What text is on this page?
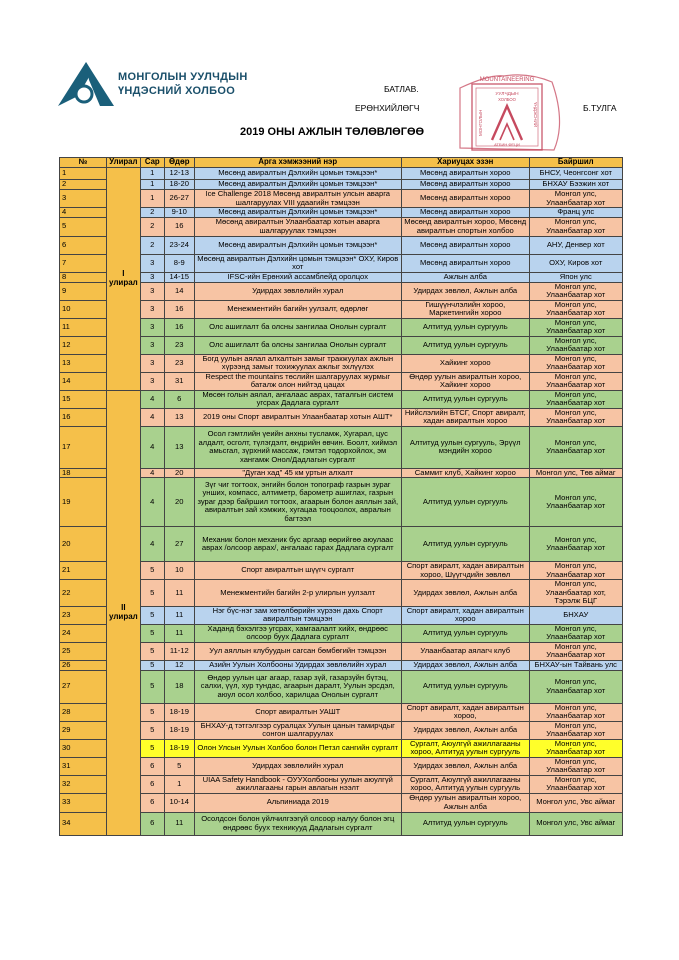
МОНГОЛЫН УУЛЧДЫН
ҮНДЭСНИЙ ХОЛБОО	БАТЛАВ.
ЕРӨНХИЙЛӨГЧ	Б.ТУЛГА
MOUNTAINEERING
УУЛЧДЫН
ХОЛБОО
МОНГОЛЫН	ҮНДЭСНИЙ
АТБИН ФЕЦИ
2019 ОНЫ АЖЛЫН ТӨЛӨВЛӨГӨӨ
№	Улирал	Сар	Өдөр	Арга хэмжээний нэр	Хариуцах эзэн	Байршил
1	I улирал	1	12-13	Мөсөнд авиралтын Дэлхийн цомын тэмцээн*	Мөсөнд авиралтын хороо	БНСУ, Чеонгсонг хот
2		1	18-20	Мөсөнд авиралтын Дэлхийн цомын тэмцээн*	Мөсөнд авиралтын хороо	БНХАУ Бээжин хот
3		1	26-27	Ice Challenge 2018 Мөсөнд авиралтын улсын аварга шалгаруулах VIII удаагийн тэмцээн	Мөсөнд авиралтын хороо	Монгол улс, Улаанбаатар хот
4		2	9-10	Мөсөнд авиралтын Дэлхийн цомын тэмцээн*	Мөсөнд авиралтын хороо	Франц улс
5		2	16	Мөсөнд авиралтын Улаанбаатар хотын аварга шалгаруулах тэмцээн	Мөсөнд авиралтын хороо, Мөсөнд авиралтын спортын холбоо	Монгол улс, Улаанбаатар хот
6		2	23-24	Мөсөнд авиралтын Дэлхийн цомын тэмцээн*	Мөсөнд авиралтын хороо	АНУ, Денвер хот
7		3	8-9	Мөсөнд авиралтын Дэлхийн цомын тэмцээн* ОХУ, Киров хот	Мөсөнд авиралтын хороо	ОХУ, Киров хот
8		3	14-15	IFSC-ийн Ерөнхий ассамблейд оролцох	Ажлын алба	Япон улс
9		3	14	Удирдах зөвлөлийн хурал	Удирдах зөвлөл, Ажлын алба	Монгол улс, Улаанбаатар хот
10		3	16	Менежментийн багийн уулзалт, өдөрлөг	Гишүүнчлэлийн хороо, Маркетингийн хороо	Монгол улс, Улаанбаатар хот
11		3	16	Олс ашиглалт ба олсны зангилаа Онолын сургалт	Алтитуд уулын сургууль	Монгол улс, Улаанбаатар хот
12		3	23	Олс ашиглалт ба олсны зангилаа Онолын сургалт	Алтитуд уулын сургууль	Монгол улс, Улаанбаатар хот
13		3	23	Богд уулын аялал алхалтын замыг тракжуулах ажлын хүрээнд замыг тохижуулах ажлыг эхлүүлэх	Хайкинг хороо	Монгол улс, Улаанбаатар хот
14		3	31	Respect the mountains төслийн шалгаруулах журмыг баталж олон нийтэд цацах	Өндөр уулын авиралтын хороо, Хайкинг хороо	Монгол улс, Улаанбаатар хот
15	II улирал	4	6	Мөсөн голын аялал, ангалаас аврах, таталгын систем угсрах Дадлага сургалт	Алтитуд уулын сургууль	Монгол улс, Улаанбаатар хот
16		4	13	2019 оны Спорт авиралтын Улаанбаатар хотын АШТ*	Нийслэлийн БТСГ, Спорт авиралт, хадан авиралтын хороо	Монгол улс, Улаанбаатар хот
17		4	13	Осол гэмтлийн үеийн анхны тусламж, Хугарал, цус алдалт, осголт, түлэгдэлт, өндрийн өвчин. Боолт, хиймэл амьсгал, зүрхний массаж, гэмтэл тодорхойлох, эм хангамж Онол/Дадлагын сургалт	Алтитуд уулын сургууль, Эрүүл мэндийн хороо	Монгол улс, Улаанбаатар хот
18		4	20	"Дуган хад" 45 км уртын алхалт	Саммит клуб, Хайкинг хороо	Монгол улс, Төв аймаг
19		4	20	Зүг чиг тогтоох, энгийн болон топограф газрын зураг унших, компасс, алтиметр, барометр ашиглах, газрын зураг дээр байршил тогтоох, агаарын болон аяллын зай, авиралтын зай хэмжих, хугацаа тооцоолох, авралын багтээл	Алтитуд уулын сургууль	Монгол улс, Улаанбаатар хот
20		4	27	Механик болон механик бус аргаар өөрийгөө аюулаас аврах /олсоор аврах/, ангалаас гарах Дадлага сургалт	Алтитуд уулын сургууль	Монгол улс, Улаанбаатар хот
21		5	10	Спорт авиралтын шүүгч сургалт	Спорт авиралт, хадан авиралтын хороо, Шүүгчдийн зөвлөл	Монгол улс, Улаанбаатар хот
22		5	11	Менежментийн багийн 2-р улирлын уулзалт	Удирдах зөвлөл, Ажлын алба	Монгол улс, Улаанбаатар хот, Тэрэлж БЦГ
23		5	11	Нэг бүс-нэг зам хөтөлбөрийн хүрээн дахь Спорт авиралтын тэмцээн	Спорт авиралт, хадан авиралтын хороо	БНХАУ
24		5	11	Хаданд бэхэлгээ угсрах, хамгаалалт хийх, өндрөөс олсоор буух Дадлага сургалт	Алтитуд уулын сургууль	Монгол улс, Улаанбаатар хот
25		5	11-12	Уул аяллын клубуудын сагсан бөмбөгийн тэмцээн	Улаанбаатар аялагч клуб	Монгол улс, Улаанбаатар хот
26		5	12	Азийн Уулын Холбооны Удирдах зөвлөлийн хурал	Удирдах зөвлөл, Ажлын алба	БНХАУ-ын Тайвань улс
27		5	18	Өндөр уулын цаг агаар, газар зүй, газарзүйн бүтэц, салхи, үүл, хур тундас, агаарын даралт, Уулын эрсдэл, аюул осол холбоо, харилцаа Онолын сургалт	Алтитуд уулын сургууль	Монгол улс, Улаанбаатар хот
28		5	18-19	Спорт авиралтын УАШТ	Спорт авиралт, хадан авиралтын хороо,	Монгол улс, Улаанбаатар хот
29		5	18-19	БНХАУ-д тэтгэлгээр суралцах Уулын цанын тамирчдыг сонгон шалгаруулах	Удирдах зөвлөл, Ажлын алба	Монгол улс, Улаанбаатар хот
30		5	18-19	Олон Улсын Уулын Холбоо болон Петзл сангийн сургалт	Сургалт, Аюулгүй ажиллагааны хороо, Алтитуд уулын сургууль	Монгол улс, Улаанбаатар хот
31		6	5	Удирдах зөвлөлийн хурал	Удирдах зөвлөл, Ажлын алба	Монгол улс, Улаанбаатар хот
32		6	1	UIAA Safety Handbook - ОУУХолбооны уулын аюулгүй ажиллагааны гарын авлагын нээлт	Сургалт, Аюулгүй ажиллагааны хороо, Алтитуд уулын сургууль	Монгол улс, Улаанбаатар хот
33		6	10-14	Альпиниада 2019	Өндөр уулын авиралтын хороо, Ажлын алба	Монгол улс, Увс аймаг
34		6	11	Осолдсон болон үйлчилгээгүй олсоор налуу болон эгц өндрөөс буух техникууд Дадлагын сургалт	Алтитуд уулын сургууль	Монгол улс, Увс аймаг
